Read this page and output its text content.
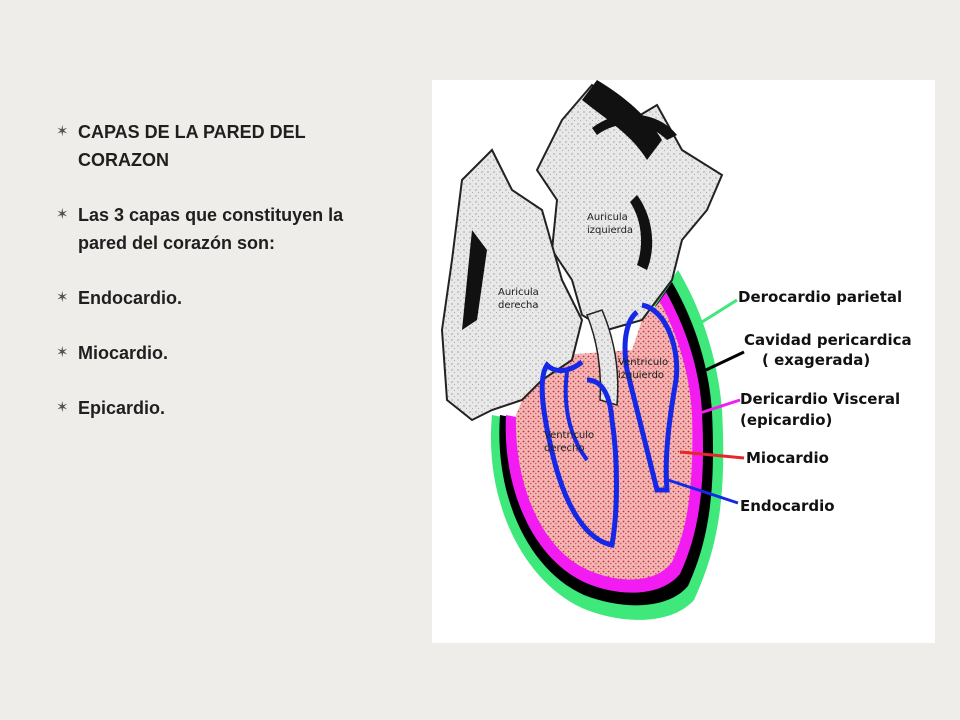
✶ CAPAS DE LA PARED DEL CORAZON
✶ Las 3 capas que constituyen la pared del corazón son:
✶ Endocardio.
✶ Miocardio.
✶ Epicardio.
Auricula
izquierda
Auricula
derecha
Ventriculo
izquierdo
Ventriculo
derecho
Derocardio parietal
Cavidad pericardica
( exagerada)
Dericardio Visceral
(epicardio)
Miocardio
Endocardio
